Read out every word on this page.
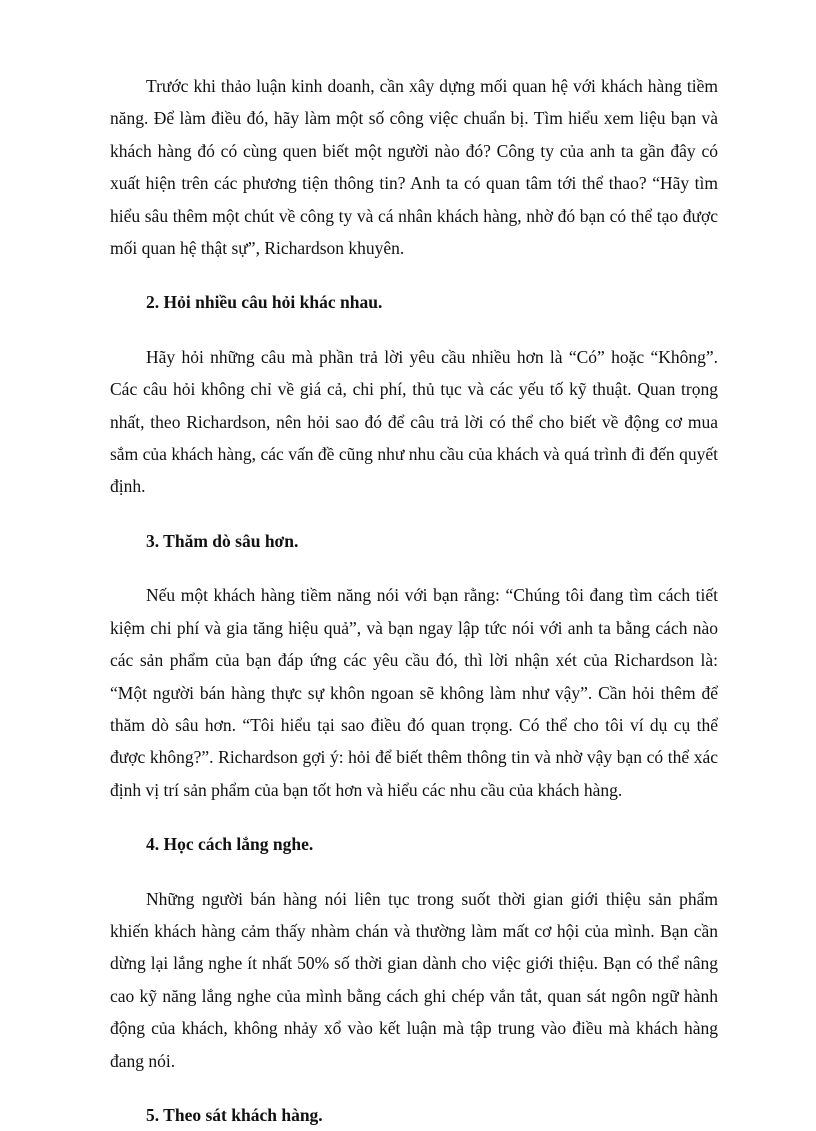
Trước khi thảo luận kinh doanh, cần xây dựng mối quan hệ với khách hàng tiềm năng. Để làm điều đó, hãy làm một số công việc chuẩn bị. Tìm hiểu xem liệu bạn và khách hàng đó có cùng quen biết một người nào đó? Công ty của anh ta gần đây có xuất hiện trên các phương tiện thông tin? Anh ta có quan tâm tới thể thao? “Hãy tìm hiểu sâu thêm một chút về công ty và cá nhân khách hàng, nhờ đó bạn có thể tạo được mối quan hệ thật sự”, Richardson khuyên.

2. Hỏi nhiều câu hỏi khác nhau.

Hãy hỏi những câu mà phần trả lời yêu cầu nhiều hơn là “Có” hoặc “Không”. Các câu hỏi không chỉ về giá cả, chi phí, thủ tục và các yếu tố kỹ thuật. Quan trọng nhất, theo Richardson, nên hỏi sao đó để câu trả lời có thể cho biết về động cơ mua sắm của khách hàng, các vấn đề cũng như nhu cầu của khách và quá trình đi đến quyết định.

3. Thăm dò sâu hơn.

Nếu một khách hàng tiềm năng nói với bạn rằng: “Chúng tôi đang tìm cách tiết kiệm chi phí và gia tăng hiệu quả”, và bạn ngay lập tức nói với anh ta bằng cách nào các sản phẩm của bạn đáp ứng các yêu cầu đó, thì lời nhận xét của Richardson là: “Một người bán hàng thực sự khôn ngoan sẽ không làm như vậy”. Cần hỏi thêm để thăm dò sâu hơn. “Tôi hiểu tại sao điều đó quan trọng. Có thể cho tôi ví dụ cụ thể được không?”. Richardson gợi ý: hỏi để biết thêm thông tin và nhờ vậy bạn có thể xác định vị trí sản phẩm của bạn tốt hơn và hiểu các nhu cầu của khách hàng.

4. Học cách lắng nghe.

Những người bán hàng nói liên tục trong suốt thời gian giới thiệu sản phẩm khiến khách hàng cảm thấy nhàm chán và thường làm mất cơ hội của mình. Bạn cần dừng lại lắng nghe ít nhất 50% số thời gian dành cho việc giới thiệu. Bạn có thể nâng cao kỹ năng lắng nghe của mình bằng cách ghi chép vắn tắt, quan sát ngôn ngữ hành động của khách, không nhảy xổ vào kết luận mà tập trung vào điều mà khách hàng đang nói.

5. Theo sát khách hàng.
